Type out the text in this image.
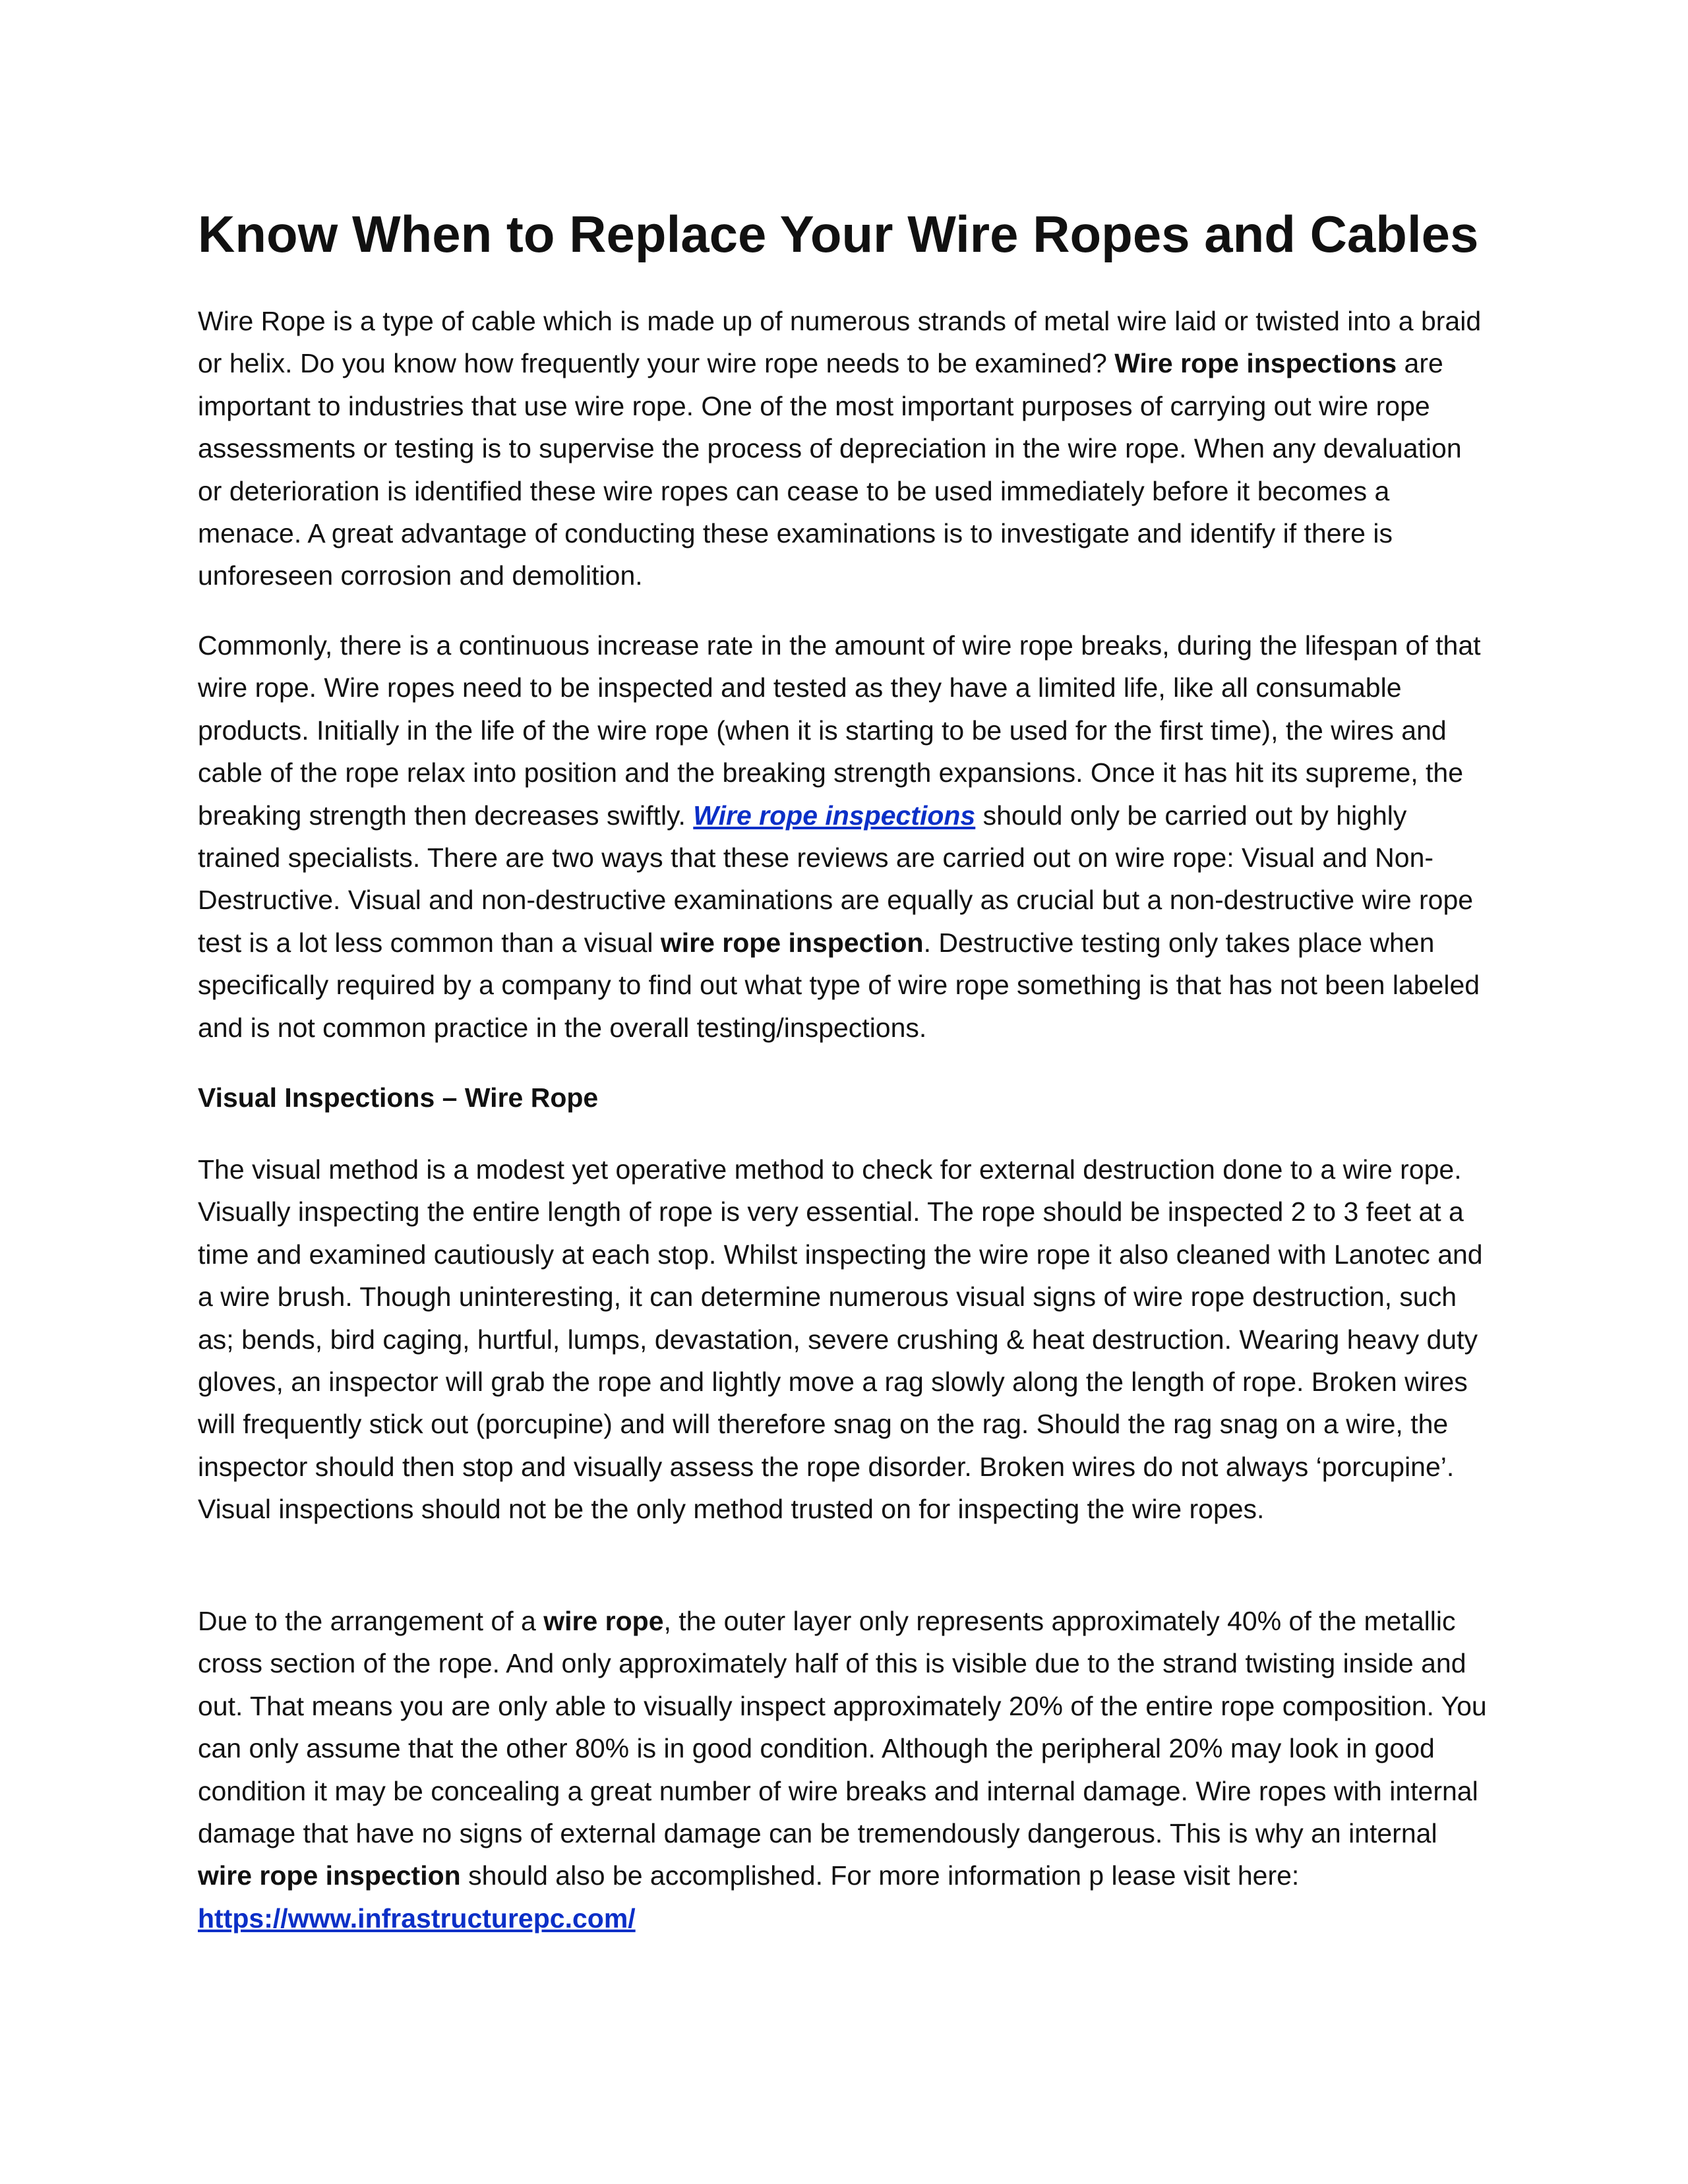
Know When to Replace Your Wire Ropes and Cables

Wire Rope is a type of cable which is made up of numerous strands of metal wire laid or twisted into a braid or helix. Do you know how frequently your wire rope needs to be examined? Wire rope inspections are important to industries that use wire rope. One of the most important purposes of carrying out wire rope assessments or testing is to supervise the process of depreciation in the wire rope. When any devaluation or deterioration is identified these wire ropes can cease to be used immediately before it becomes a menace. A great advantage of conducting these examinations is to investigate and identify if there is unforeseen corrosion and demolition.

Commonly, there is a continuous increase rate in the amount of wire rope breaks, during the lifespan of that wire rope. Wire ropes need to be inspected and tested as they have a limited life, like all consumable products. Initially in the life of the wire rope (when it is starting to be used for the first time), the wires and cable of the rope relax into position and the breaking strength expansions. Once it has hit its supreme, the breaking strength then decreases swiftly. Wire rope inspections should only be carried out by highly trained specialists. There are two ways that these reviews are carried out on wire rope: Visual and Non-Destructive. Visual and non-destructive examinations are equally as crucial but a non-destructive wire rope test is a lot less common than a visual wire rope inspection. Destructive testing only takes place when specifically required by a company to find out what type of wire rope something is that has not been labeled and is not common practice in the overall testing/inspections.

Visual Inspections – Wire Rope

The visual method is a modest yet operative method to check for external destruction done to a wire rope. Visually inspecting the entire length of rope is very essential. The rope should be inspected 2 to 3 feet at a time and examined cautiously at each stop. Whilst inspecting the wire rope it also cleaned with Lanotec and a wire brush. Though uninteresting, it can determine numerous visual signs of wire rope destruction, such as; bends, bird caging, hurtful, lumps, devastation, severe crushing & heat destruction. Wearing heavy duty gloves, an inspector will grab the rope and lightly move a rag slowly along the length of rope. Broken wires will frequently stick out (porcupine) and will therefore snag on the rag. Should the rag snag on a wire, the inspector should then stop and visually assess the rope disorder. Broken wires do not always ‘porcupine’. Visual inspections should not be the only method trusted on for inspecting the wire ropes.

Due to the arrangement of a wire rope, the outer layer only represents approximately 40% of the metallic cross section of the rope. And only approximately half of this is visible due to the strand twisting inside and out. That means you are only able to visually inspect approximately 20% of the entire rope composition. You can only assume that the other 80% is in good condition. Although the peripheral 20% may look in good condition it may be concealing a great number of wire breaks and internal damage. Wire ropes with internal damage that have no signs of external damage can be tremendously dangerous. This is why an internal wire rope inspection should also be accomplished. For more information p lease visit here: https://www.infrastructurepc.com/
